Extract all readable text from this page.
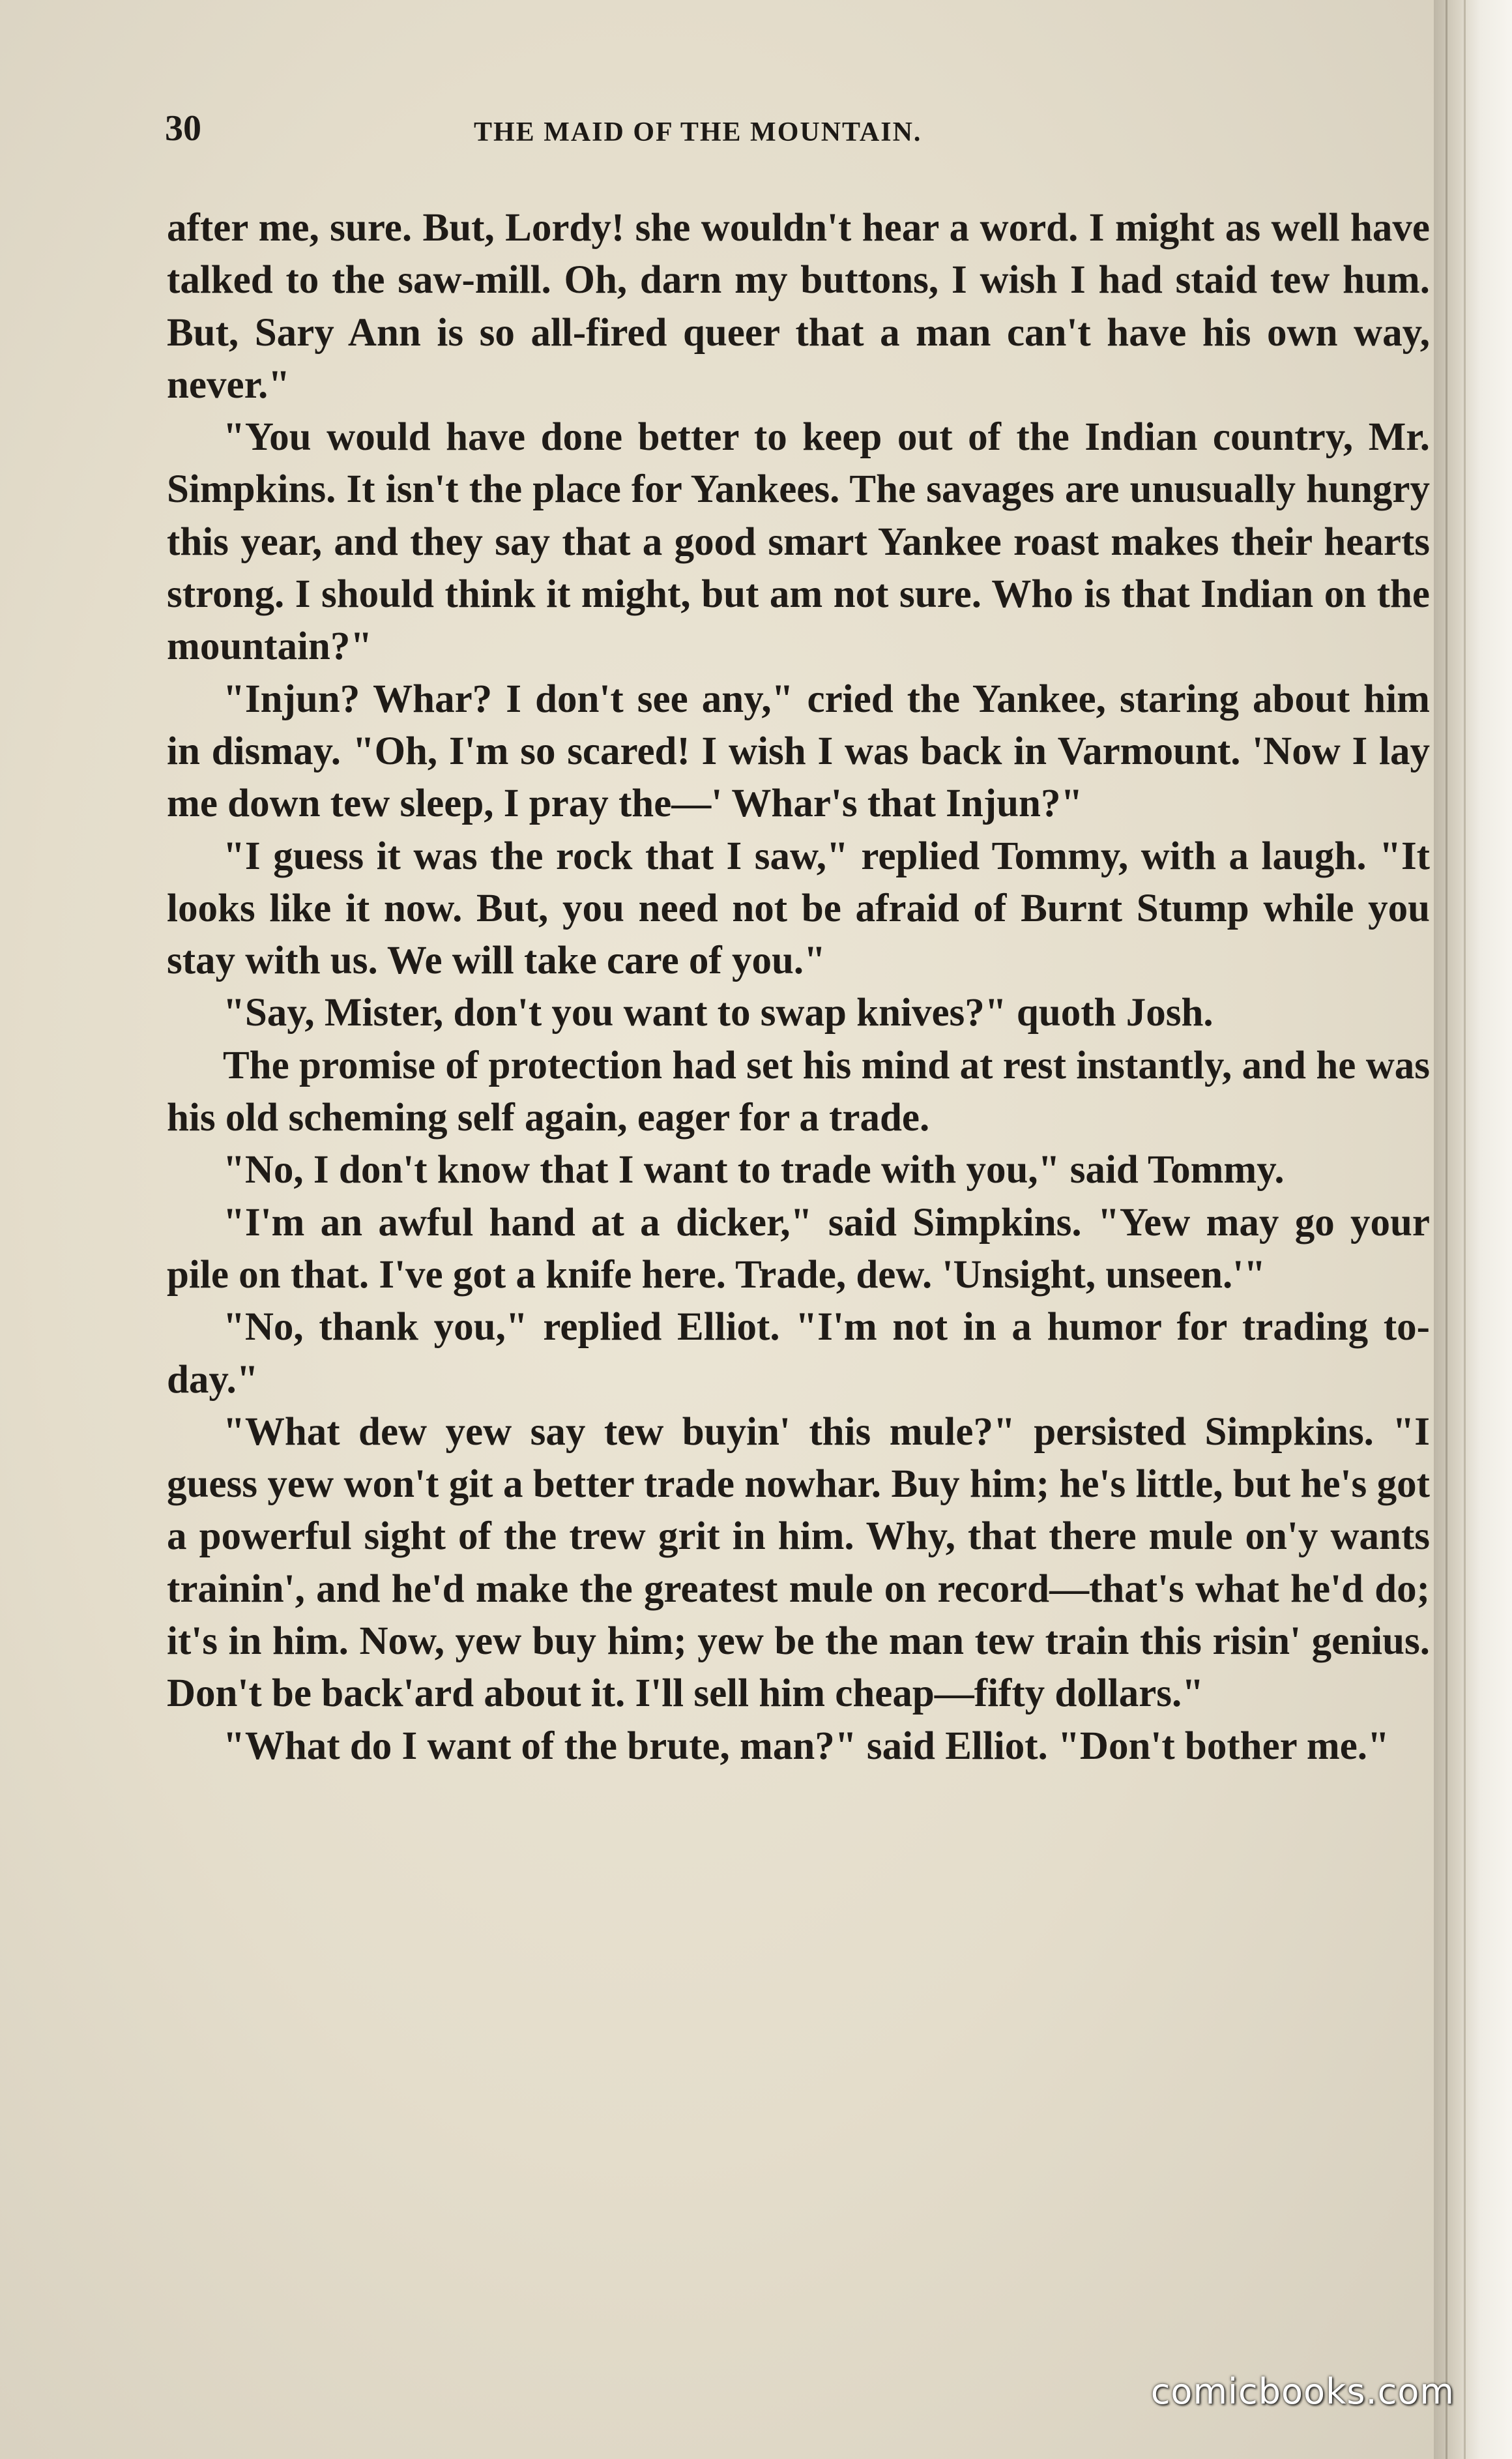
30	THE MAID OF THE MOUNTAIN.

after me, sure. But, Lordy! she wouldn't hear a word. I might as well have talked to the saw-mill. Oh, darn my buttons, I wish I had staid tew hum. But, Sary Ann is so all-fired queer that a man can't have his own way, never."

"You would have done better to keep out of the Indian country, Mr. Simpkins. It isn't the place for Yankees. The savages are unusually hungry this year, and they say that a good smart Yankee roast makes their hearts strong. I should think it might, but am not sure. Who is that Indian on the mountain?"

"Injun? Whar? I don't see any," cried the Yankee, staring about him in dismay. "Oh, I'm so scared! I wish I was back in Varmount. 'Now I lay me down tew sleep, I pray the—' Whar's that Injun?"

"I guess it was the rock that I saw," replied Tommy, with a laugh. "It looks like it now. But, you need not be afraid of Burnt Stump while you stay with us. We will take care of you."

"Say, Mister, don't you want to swap knives?" quoth Josh.

The promise of protection had set his mind at rest instantly, and he was his old scheming self again, eager for a trade.

"No, I don't know that I want to trade with you," said Tommy.

"I'm an awful hand at a dicker," said Simpkins. "Yew may go your pile on that. I've got a knife here. Trade, dew. 'Unsight, unseen.'"

"No, thank you," replied Elliot. "I'm not in a humor for trading to-day."

"What dew yew say tew buyin' this mule?" persisted Simpkins. "I guess yew won't git a better trade nowhar. Buy him; he's little, but he's got a powerful sight of the trew grit in him. Why, that there mule on'y wants trainin', and he'd make the greatest mule on record—that's what he'd do; it's in him. Now, yew buy him; yew be the man tew train this risin' genius. Don't be back'ard about it. I'll sell him cheap—fifty dollars."

"What do I want of the brute, man?" said Elliot. "Don't bother me."

comicbooks.com
